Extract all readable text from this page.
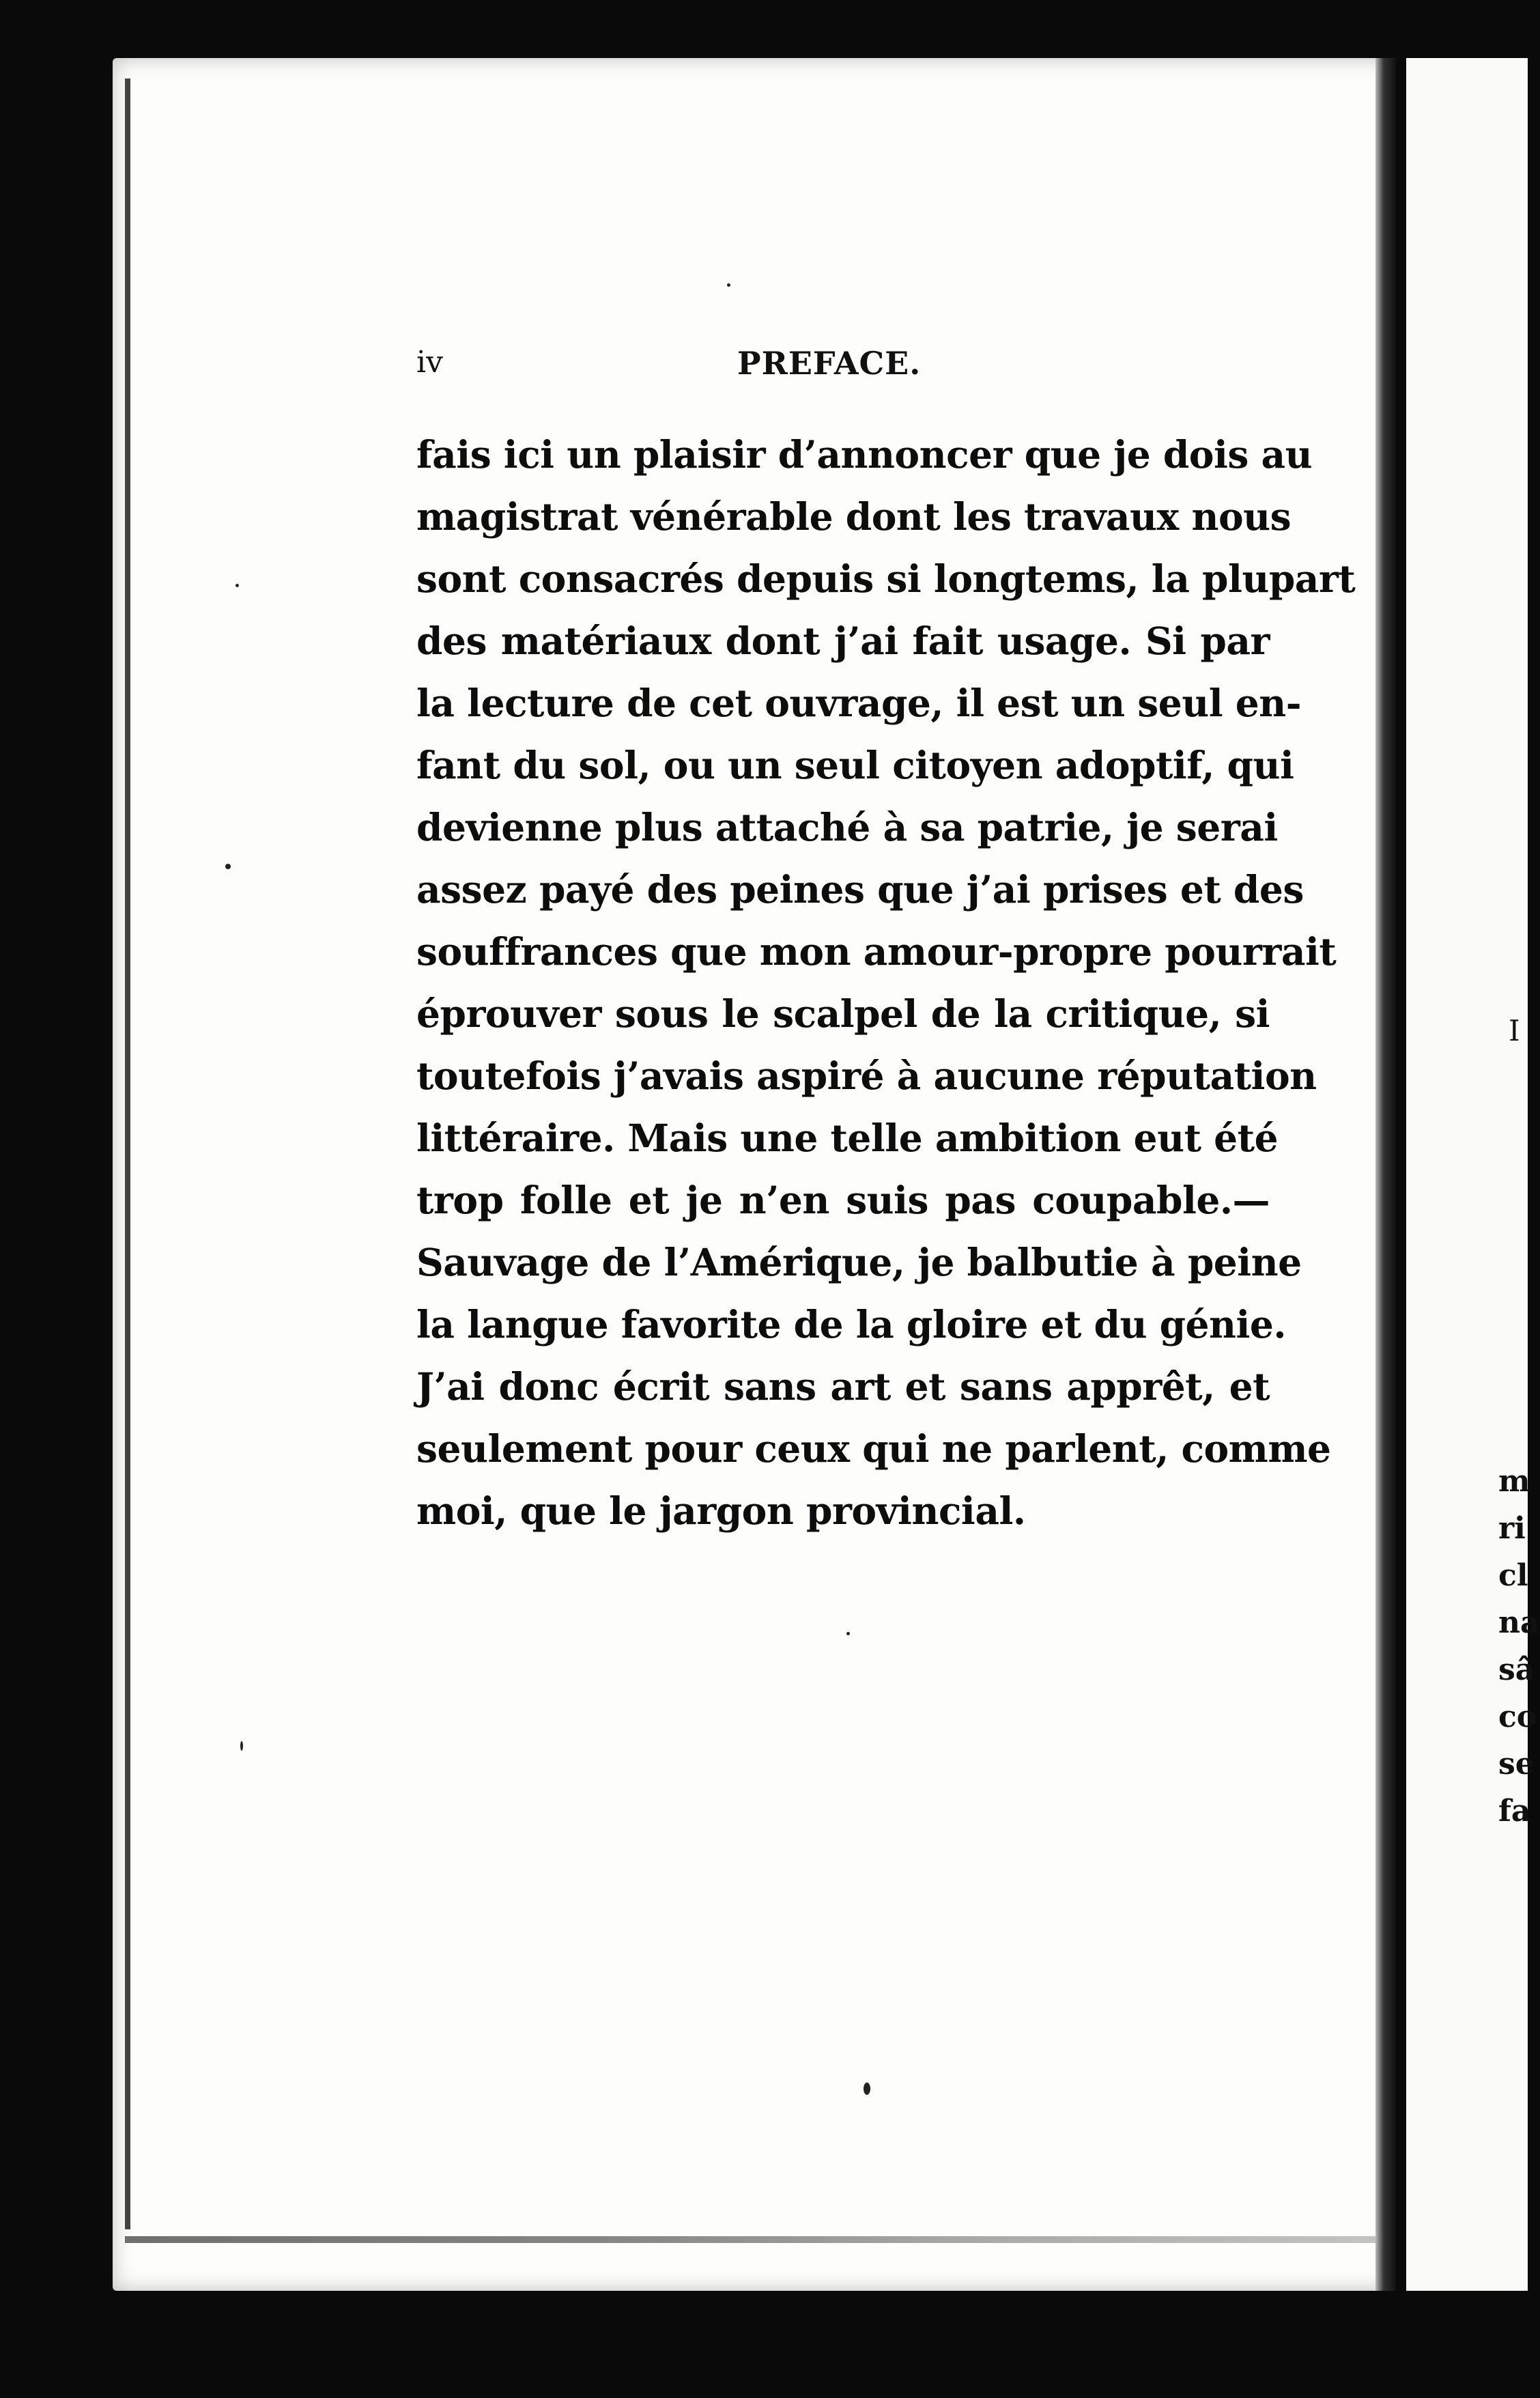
iv	PREFACE.
fais ici un plaisir d’annoncer que je dois au
magistrat vénérable dont les travaux nous
sont consacrés depuis si longtems, la plupart
des matériaux dont j’ai fait usage. Si par
la lecture de cet ouvrage, il est un seul en-
fant du sol, ou un seul citoyen adoptif, qui
devienne plus attaché à sa patrie, je serai
assez payé des peines que j’ai prises et des
souffrances que mon amour-propre pourrait
éprouver sous le scalpel de la critique, si
toutefois j’avais aspiré à aucune réputation
littéraire. Mais une telle ambition eut été
trop folle et je n’en suis pas coupable.—
Sauvage de l’Amérique, je balbutie à peine
la langue favorite de la gloire et du génie.
J’ai donc écrit sans art et sans apprêt, et
seulement pour ceux qui ne parlent, comme
moi, que le jargon provincial.
I
m
ri
cl
na
sâ
co
se
fa
